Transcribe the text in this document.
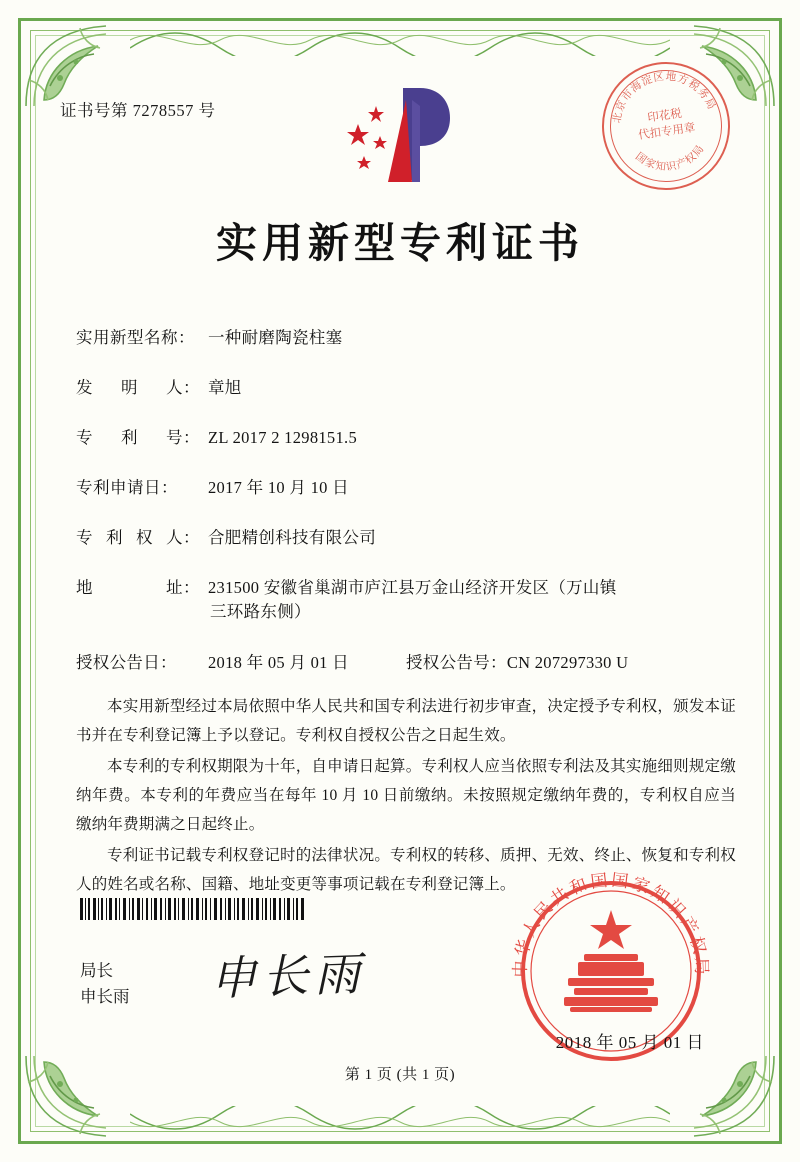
证书号第 7278557 号	北京市海淀区地方税务局
国家知识产权局
印花税
代扣专用章
实用新型专利证书
实用新型名称： 一种耐磨陶瓷柱塞
发 明 人： 章旭
专 利 号： ZL 2017 2 1298151.5
专利申请日：	2017 年 10 月 10 日
专 利 权 人： 合肥精创科技有限公司
地	址： 231500 安徽省巢湖市庐江县万金山经济开发区（万山镇
三环路东侧）
授权公告日： 2018 年 05 月 01 日	授权公告号：CN 207297330 U

本实用新型经过本局依照中华人民共和国专利法进行初步审查，决定授予专利权，颁发本证书并在专利登记簿上予以登记。专利权自授权公告之日起生效。

本专利的专利权期限为十年，自申请日起算。专利权人应当依照专利法及其实施细则规定缴纳年费。本专利的年费应当在每年 10 月 10 日前缴纳。未按照规定缴纳年费的，专利权自应当缴纳年费期满之日起终止。

专利证书记载专利权登记时的法律状况。专利权的转移、质押、无效、终止、恢复和专利权人的姓名或名称、国籍、地址变更等事项记载在专利登记簿上。

局长
申长雨 申长雨	中华人民共和国国家知识产权局
2018 年 05 月 01 日
第 1 页 (共 1 页)
